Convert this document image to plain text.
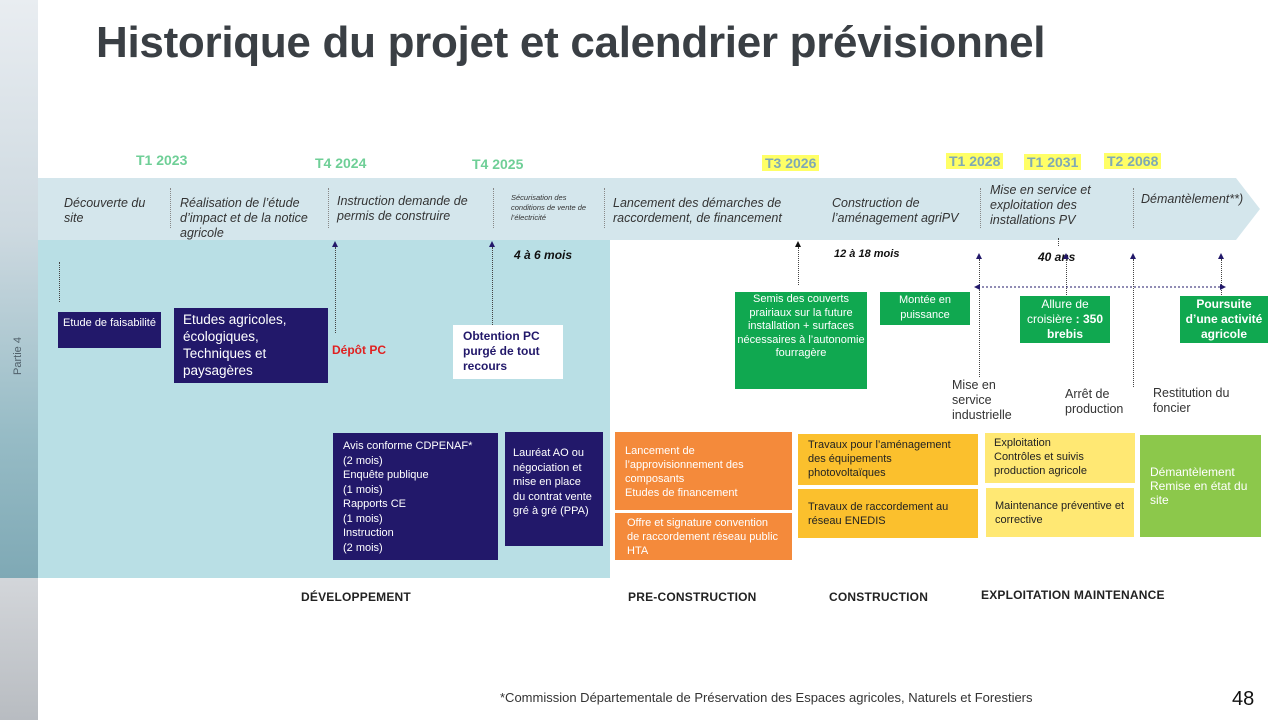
Partie 4
Historique du projet et calendrier prévisionnel
T1 2023	T4 2024	T4 2025	T3 2026	T1 2028 T1 2031 T2 2068
Découverte du site
Réalisation de l’étude d’impact et de la notice agricole
Instruction demande de permis de construire
Sécurisation des conditions de vente de l’électricité
Lancement des démarches de raccordement, de financement
Construction de l’aménagement agriPV
Mise en service et exploitation des installations PV
Démantèlement**)
4 à 6 mois	12 à 18 mois	40 ans
Etude de faisabilité	Etudes agricoles, écologiques, Techniques et paysagères
Dépôt PC
Obtention PC purgé de tout recours
Semis des couverts prairiaux sur la future installation + surfaces nécessaires à l’autonomie fourragère
Montée en puissance
Allure de croisière : 350 brebis
Poursuite d’une activité agricole
Mise en service industrielle
Arrêt de production
Restitution du foncier
Avis conforme CDPENAF*
(2 mois)
Enquête publique
(1 mois)
Rapports CE
(1 mois)
Instruction
(2 mois)
Lauréat AO ou négociation et mise en place du contrat vente gré à gré (PPA)
Lancement de l’approvisionnement des composants
Etudes de financement
Offre et signature convention de raccordement réseau public HTA
Travaux pour l’aménagement des équipements photovoltaïques
Travaux de raccordement au réseau ENEDIS
Exploitation
Contrôles et suivis
production agricole
Maintenance préventive et corrective
Démantèlement
Remise en état du site
DÉVELOPPEMENT	PRE-CONSTRUCTION	CONSTRUCTION	EXPLOITATION MAINTENANCE
*Commission Départementale de Préservation des Espaces agricoles, Naturels et Forestiers	48
